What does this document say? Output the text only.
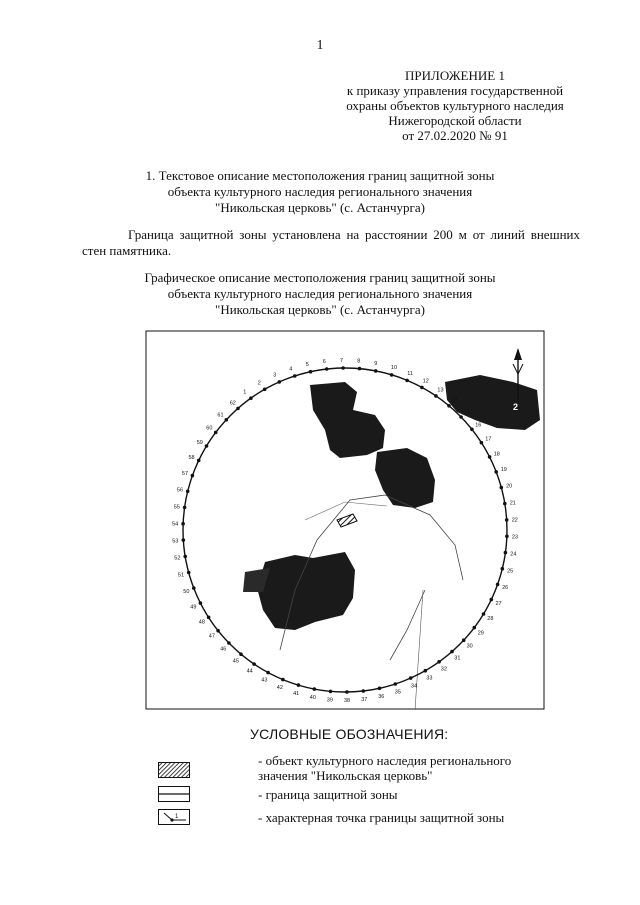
1
ПРИЛОЖЕНИЕ 1
к приказу управления государственной
охраны объектов культурного наследия
Нижегородской области
от 27.02.2020 № 91
1. Текстовое описание местоположения границ защитной зоны
объекта культурного наследия регионального значения
"Никольская церковь" (с. Астанчурга)
Граница защитной зоны установлена на расстоянии 200 м от линий внешних стен памятника.
Графическое описание местоположения границ защитной зоны
объекта культурного наследия регионального значения
"Никольская церковь" (с. Астанчурга)
2
1
2
3
4
5	6	7	8	9
10
11
12
13
14
15
16
17
18
19
20
21
22
23
24
25
26
27
28
29
30
31
32
33
34
35
36
37
38
39
40
41
42
43
44
45
46
47
48
49
50
51
52
53
54
55
56
57
58
59
60
61
62
УСЛОВНЫЕ ОБОЗНАЧЕНИЯ:
- объект культурного наследия регионального
значения "Никольская церковь"
- граница защитной зоны
1	- характерная точка границы защитной зоны
